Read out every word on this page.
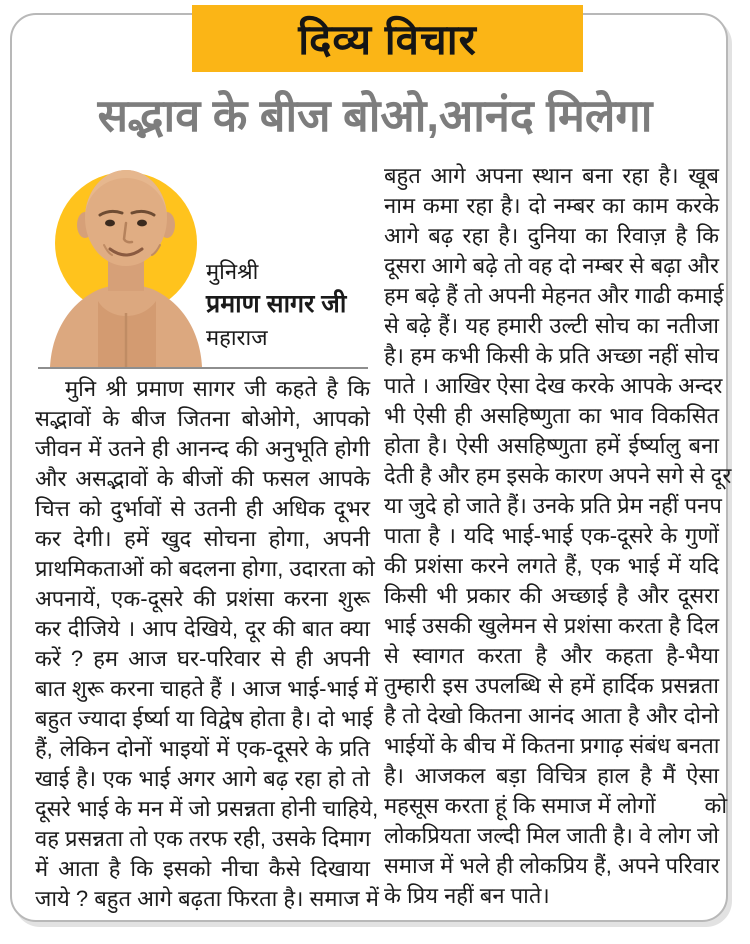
दिव्य विचार
सद्भाव के बीज बोओ,आनंद मिलेगा
मुनिश्री
प्रमाण सागर जी
महाराज
मुनि श्री प्रमाण सागर जी कहते है कि
सद्भावों के बीज जितना बोओगे, आपको
जीवन में उतने ही आनन्द की अनुभूति होगी
और असद्भावों के बीजों की फसल आपके
चित्त को दुर्भावों से उतनी ही अधिक दूभर
कर देगी। हमें खुद सोचना होगा, अपनी
प्राथमिकताओं को बदलना होगा, उदारता को
अपनायें, एक-दूसरे की प्रशंसा करना शुरू
कर दीजिये । आप देखिये, दूर की बात क्या
करें ? हम आज घर-परिवार से ही अपनी
बात शुरू करना चाहते हैं । आज भाई-भाई में
बहुत ज्यादा ईर्ष्या या विद्वेष होता है। दो भाई
हैं, लेकिन दोनों भाइयों में एक-दूसरे के प्रति
खाई है। एक भाई अगर आगे बढ़ रहा हो तो
दूसरे भाई के मन में जो प्रसन्नता होनी चाहिये,
वह प्रसन्नता तो एक तरफ रही, उसके दिमाग
में आता है कि इसको नीचा कैसे दिखाया
जाये ? बहुत आगे बढ़ता फिरता है। समाज में
बहुत आगे अपना स्थान बना रहा है। खूब
नाम कमा रहा है। दो नम्बर का काम करके
आगे बढ़ रहा है। दुनिया का रिवाज़ है कि
दूसरा आगे बढ़े तो वह दो नम्बर से बढ़ा और
हम बढ़े हैं तो अपनी मेहनत और गाढी कमाई
से बढ़े हैं। यह हमारी उल्टी सोच का नतीजा
है। हम कभी किसी के प्रति अच्छा नहीं सोच
पाते । आखिर ऐसा देख करके आपके अन्दर
भी ऐसी ही असहिष्णुता का भाव विकसित
होता है। ऐसी असहिष्णुता हमें ईर्ष्यालु बना
देती है और हम इसके कारण अपने सगे से दूर
या जुदे हो जाते हैं। उनके प्रति प्रेम नहीं पनप
पाता है । यदि भाई-भाई एक-दूसरे के गुणों
की प्रशंसा करने लगते हैं, एक भाई में यदि
किसी भी प्रकार की अच्छाई है और दूसरा
भाई उसकी खुलेमन से प्रशंसा करता है दिल
से स्वागत करता है और कहता है-भैया
तुम्हारी इस उपलब्धि से हमें हार्दिक प्रसन्नता
है तो देखो कितना आनंद आता है और दोनो
भाईयों के बीच में कितना प्रगाढ़ संबंध बनता
है। आजकल बड़ा विचित्र हाल है मैं ऐसा
महसूस करता हूं कि समाज में लोगों        को
लोकप्रियता जल्दी मिल जाती है। वे लोग जो
समाज में भले ही लोकप्रिय हैं, अपने परिवार
के प्रिय नहीं बन पाते।
